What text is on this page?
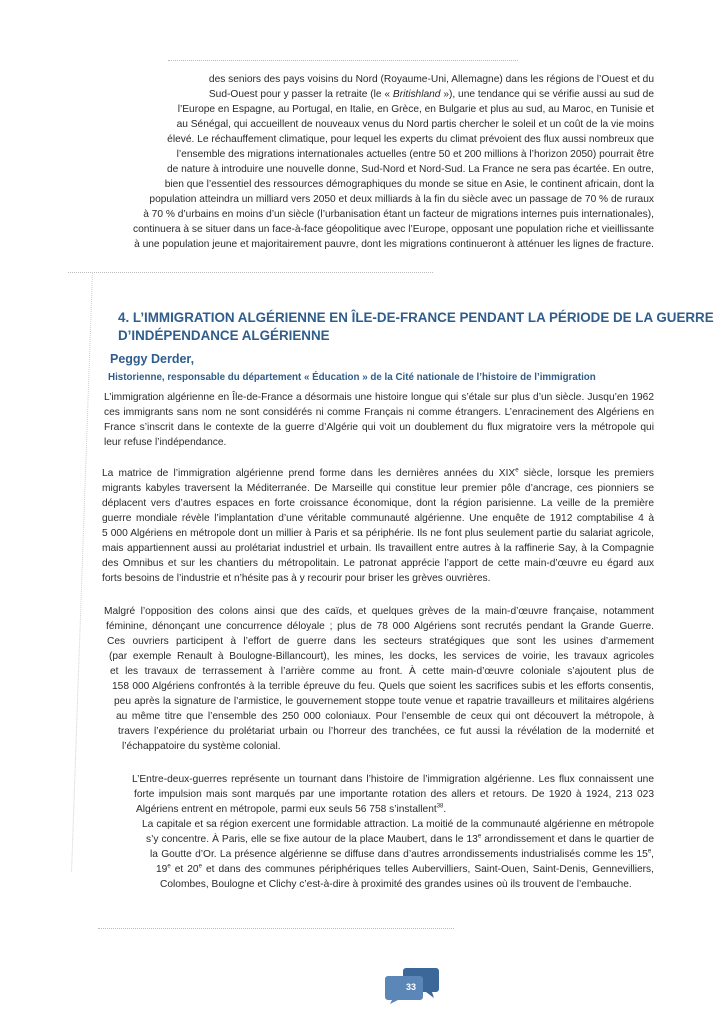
des seniors des pays voisins du Nord (Royaume-Uni, Allemagne) dans les régions de l’Ouest et du
Sud-Ouest pour y passer la retraite (le « Britishland »), une tendance qui se vérifie aussi au sud de
l’Europe en Espagne, au Portugal, en Italie, en Grèce, en Bulgarie et plus au sud, au Maroc, en Tunisie et
au Sénégal, qui accueillent de nouveaux venus du Nord partis chercher le soleil et un coût de la vie moins
élevé. Le réchauffement climatique, pour lequel les experts du climat prévoient des flux aussi nombreux que
l’ensemble des migrations internationales actuelles (entre 50 et 200 millions à l’horizon 2050) pourrait être
de nature à introduire une nouvelle donne, Sud-Nord et Nord-Sud. La France ne sera pas écartée. En outre,
bien que l’essentiel des ressources démographiques du monde se situe en Asie, le continent africain, dont la
population atteindra un milliard vers 2050 et deux milliards à la fin du siècle avec un passage de 70 % de ruraux
à 70 % d’urbains en moins d’un siècle (l’urbanisation étant un facteur de migrations internes puis internationales),
continuera à se situer dans un face-à-face géopolitique avec l’Europe, opposant une population riche et vieillissante
à une population jeune et majoritairement pauvre, dont les migrations continueront à atténuer les lignes de fracture.
4. L’IMMIGRATION ALGÉRIENNE EN ÎLE-DE-FRANCE PENDANT LA PÉRIODE DE LA GUERRE
D’INDÉPENDANCE ALGÉRIENNE
Peggy Derder,
Historienne, responsable du département « Éducation » de la Cité nationale de l’histoire de l’immigration
L’immigration algérienne en Île-de-France a désormais une histoire longue qui s’étale sur plus d’un siècle. Jusqu’en 1962
ces immigrants sans nom ne sont considérés ni comme Français ni comme étrangers. L’enracinement des Algériens en
France s’inscrit dans le contexte de la guerre d’Algérie qui voit un doublement du flux migratoire vers la métropole qui
leur refuse l’indépendance.
La matrice de l’immigration algérienne prend forme dans les dernières années du XIXe siècle, lorsque les premiers
migrants kabyles traversent la Méditerranée. De Marseille qui constitue leur premier pôle d’ancrage, ces pionniers se
déplacent vers d’autres espaces en forte croissance économique, dont la région parisienne. La veille de la première
guerre mondiale révèle l’implantation d’une véritable communauté algérienne. Une enquête de 1912 comptabilise 4 à
5 000 Algériens en métropole dont un millier à Paris et sa périphérie. Ils ne font plus seulement partie du salariat agricole,
mais appartiennent aussi au prolétariat industriel et urbain. Ils travaillent entre autres à la raffinerie Say, à la Compagnie
des Omnibus et sur les chantiers du métropolitain. Le patronat apprécie l’apport de cette main-d’œuvre eu égard aux
forts besoins de l’industrie et n’hésite pas à y recourir pour briser les grèves ouvrières.
Malgré l’opposition des colons ainsi que des caïds, et quelques grèves de la main-d’œuvre française, notamment
féminine, dénonçant une concurrence déloyale ; plus de 78 000 Algériens sont recrutés pendant la Grande Guerre.
Ces ouvriers participent à l’effort de guerre dans les secteurs stratégiques que sont les usines d’armement
(par exemple Renault à Boulogne-Billancourt), les mines, les docks, les services de voirie, les travaux agricoles
et les travaux de terrassement à l’arrière comme au front. À cette main-d’œuvre coloniale s’ajoutent plus de
158 000 Algériens confrontés à la terrible épreuve du feu. Quels que soient les sacrifices subis et les efforts consentis,
peu après la signature de l’armistice, le gouvernement stoppe toute venue et rapatrie travailleurs et militaires algériens
au même titre que l’ensemble des 250 000 coloniaux. Pour l’ensemble de ceux qui ont découvert la métropole, à
travers l’expérience du prolétariat urbain ou l’horreur des tranchées, ce fut aussi la révélation de la modernité et
l’échappatoire du système colonial.
L’Entre-deux-guerres représente un tournant dans l’histoire de l’immigration algérienne. Les flux connaissent une
forte impulsion mais sont marqués par une importante rotation des allers et retours. De 1920 à 1924, 213 023
Algériens entrent en métropole, parmi eux seuls 56 758 s’installent$^{38}$.
La capitale et sa région exercent une formidable attraction. La moitié de la communauté algérienne en métropole
s’y concentre. À Paris, elle se fixe autour de la place Maubert, dans le 13e arrondissement et dans le quartier de
la Goutte d’Or. La présence algérienne se diffuse dans d’autres arrondissements industrialisés comme les 15e,
19e et 20e et dans des communes périphériques telles Aubervilliers, Saint-Ouen, Saint-Denis, Gennevilliers,
Colombes, Boulogne et Clichy c’est-à-dire à proximité des grandes usines où ils trouvent de l’embauche.
33
